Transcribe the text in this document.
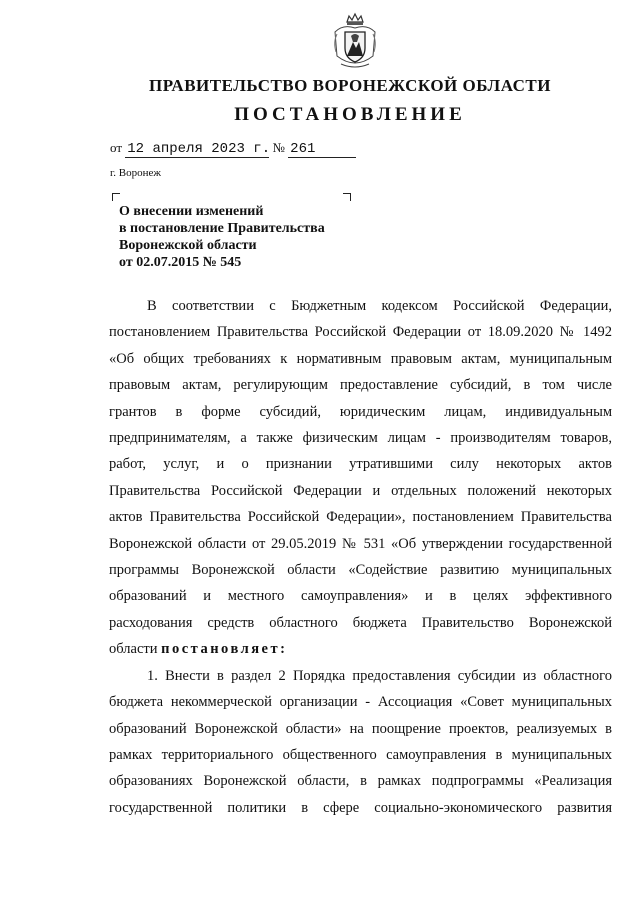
ПРАВИТЕЛЬСТВО ВОРОНЕЖСКОЙ ОБЛАСТИ
ПОСТАНОВЛЕНИЕ
от 12 апреля 2023 г. № 261
г. Воронеж
О внесении изменений
в постановление Правительства
Воронежской области
от 02.07.2015 № 545
В соответствии с Бюджетным кодексом Российской Федерации,
постановлением Правительства Российской Федерации от 18.09.2020 № 1492
«Об общих требованиях к нормативным правовым актам, муниципальным
правовым актам, регулирующим предоставление субсидий, в том числе
грантов в форме субсидий, юридическим лицам, индивидуальным
предпринимателям, а также физическим лицам - производителям товаров,
работ, услуг, и о признании утратившими силу некоторых актов
Правительства Российской Федерации и отдельных положений некоторых
актов Правительства Российской Федерации», постановлением Правительства
Воронежской области от 29.05.2019 № 531 «Об утверждении государственной
программы Воронежской области «Содействие развитию муниципальных
образований и местного самоуправления» и в целях эффективного
расходования средств областного бюджета Правительство Воронежской
области постановляет:
1. Внести в раздел 2 Порядка предоставления субсидии из областного
бюджета некоммерческой организации - Ассоциация «Совет муниципальных
образований Воронежской области» на поощрение проектов, реализуемых в
рамках территориального общественного самоуправления в муниципальных
образованиях Воронежской области, в рамках подпрограммы «Реализация
государственной политики в сфере социально-экономического развития
